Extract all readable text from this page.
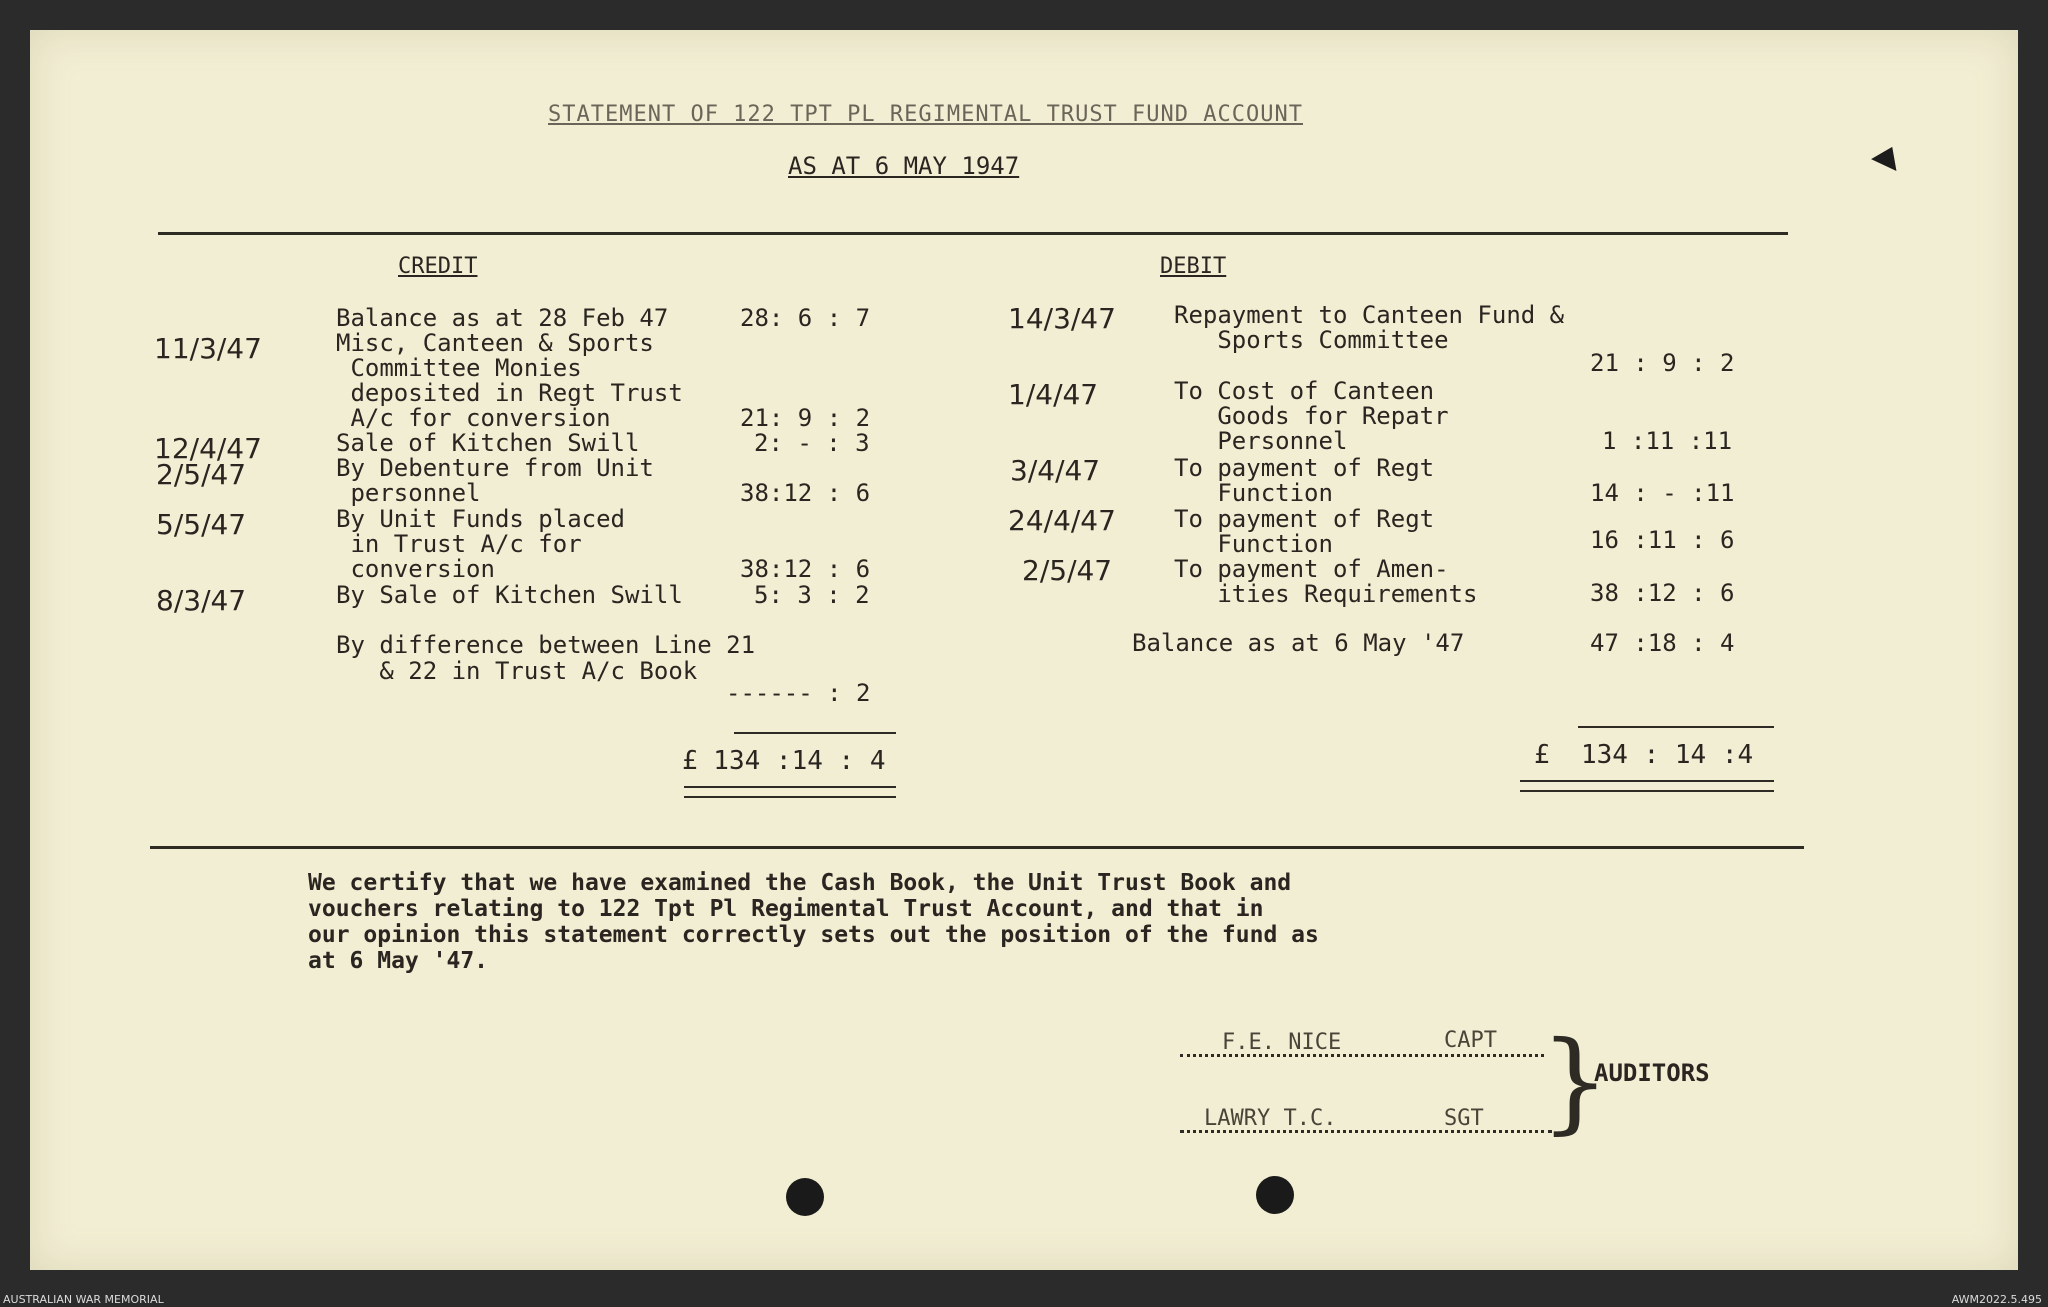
STATEMENT OF 122 TPT PL REGIMENTAL TRUST FUND ACCOUNT
AS AT 6 MAY 1947
CREDIT	DEBIT
Balance as at 28 Feb 47	28: 6 : 7
11/3/47	Misc, Canteen & Sports
Committee Monies
deposited in Regt Trust
A/c for conversion	21: 9 : 2
12/4/47	Sale of Kitchen Swill	2: - : 3
2/5/47	By Debenture from Unit
personnel	38:12 : 6
5/5/47	By Unit Funds placed
in Trust A/c for
conversion	38:12 : 6
8/3/47	By Sale of Kitchen Swill	5: 3 : 2
By difference between Line 21
& 22 in Trust A/c Book
------ : 2
£ 134 :14 : 4
14/3/47 Repayment to Canteen Fund &
Sports Committee
21 : 9 : 2
1/4/47	To Cost of Canteen
Goods for Repatr
Personnel	1 :11 :11
3/4/47	To payment of Regt
Function	14 : - :11
24/4/47 To payment of Regt
Function	16 :11 : 6
2/5/47	To payment of Amen-
ities Requirements	38 :12 : 6
Balance as at 6 May '47	47 :18 : 4
£  134 : 14 :4
We certify that we have examined the Cash Book, the Unit Trust Book and
vouchers relating to 122 Tpt Pl Regimental Trust Account, and that in
our opinion this statement correctly sets out the position of the fund as
at 6 May '47.
F.E. NICE	CAPT
LAWRY T.C.	SGT }
AUDITORS
AUSTRALIAN WAR MEMORIAL	AWM2022.5.495
